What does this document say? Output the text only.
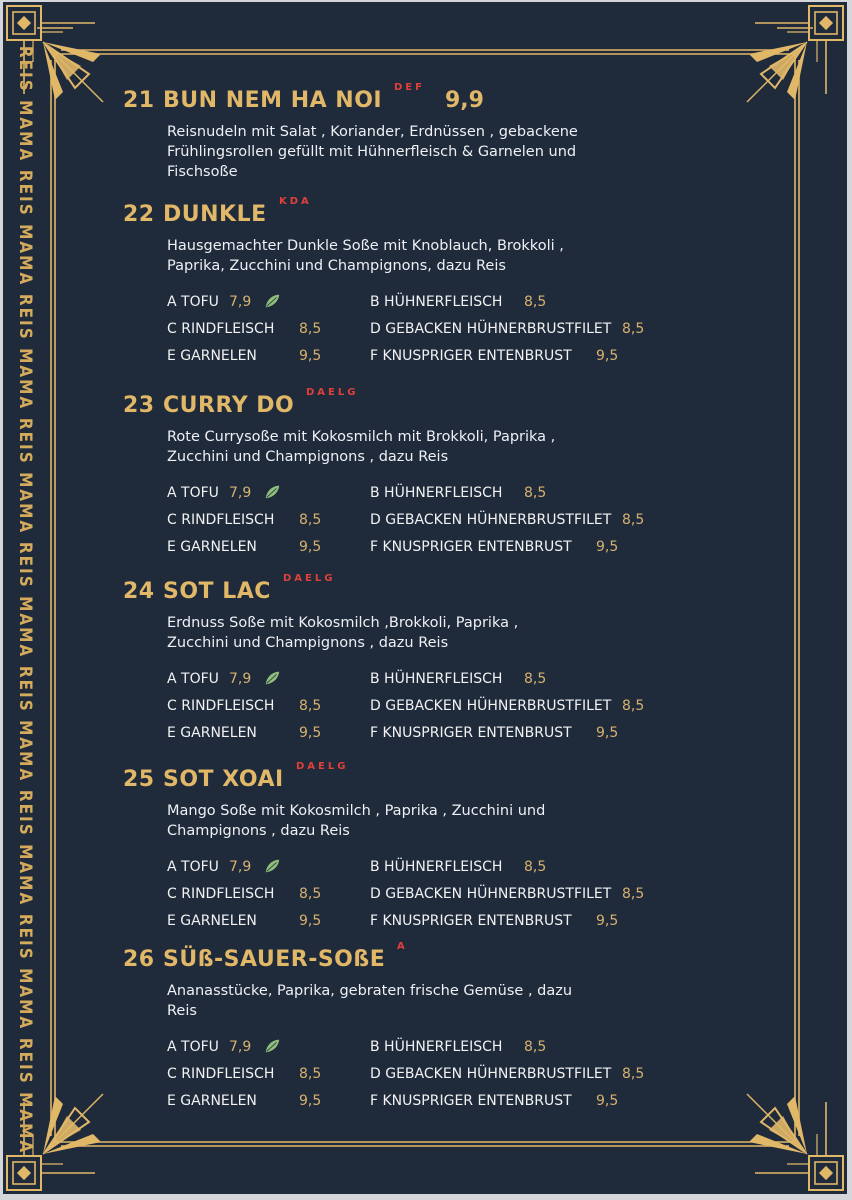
REIS MAMA
REIS MAMA
REIS MAMA
REIS MAMA
REIS MAMA
REIS MAMA
REIS MAMA
REIS MAMA
REIS MAMA
21 BUN NEM HA NOI
DEF
9,9
Reisnudeln mit Salat , Koriander, Erdnüssen , gebackene
Frühlingsrollen gefüllt mit Hühnerfleisch & Garnelen und
Fischsoße
22 DUNKLE
KDA
Hausgemachter Dunkle Soße mit Knoblauch, Brokkoli ,
Paprika, Zucchini und Champignons, dazu Reis
A TOFU 7,9	B HÜHNERFLEISCH 8,5
C RINDFLEISCH 8,5	D GEBACKEN HÜHNERBRUSTFILET 8,5
E GARNELEN	9,5	F KNUSPRIGER ENTENBRUST 9,5
23 CURRY DO
DAELG
Rote Currysoße mit Kokosmilch mit Brokkoli, Paprika ,
Zucchini und Champignons , dazu Reis
A TOFU 7,9	B HÜHNERFLEISCH 8,5
C RINDFLEISCH 8,5	D GEBACKEN HÜHNERBRUSTFILET 8,5
E GARNELEN	9,5	F KNUSPRIGER ENTENBRUST 9,5
24 SOT LAC
DAELG
Erdnuss Soße mit Kokosmilch ,Brokkoli, Paprika ,
Zucchini und Champignons , dazu Reis
A TOFU 7,9	B HÜHNERFLEISCH 8,5
C RINDFLEISCH 8,5	D GEBACKEN HÜHNERBRUSTFILET 8,5
E GARNELEN	9,5	F KNUSPRIGER ENTENBRUST 9,5
25 SOT XOAI
DAELG
Mango Soße mit Kokosmilch , Paprika , Zucchini und
Champignons , dazu Reis
A TOFU 7,9	B HÜHNERFLEISCH 8,5
C RINDFLEISCH 8,5	D GEBACKEN HÜHNERBRUSTFILET 8,5
E GARNELEN	9,5	F KNUSPRIGER ENTENBRUST 9,5
26 SÜß-SAUER-SOßE
A
Ananasstücke, Paprika, gebraten frische Gemüse , dazu
Reis
A TOFU 7,9	B HÜHNERFLEISCH 8,5
C RINDFLEISCH 8,5	D GEBACKEN HÜHNERBRUSTFILET 8,5
E GARNELEN	9,5	F KNUSPRIGER ENTENBRUST 9,5
